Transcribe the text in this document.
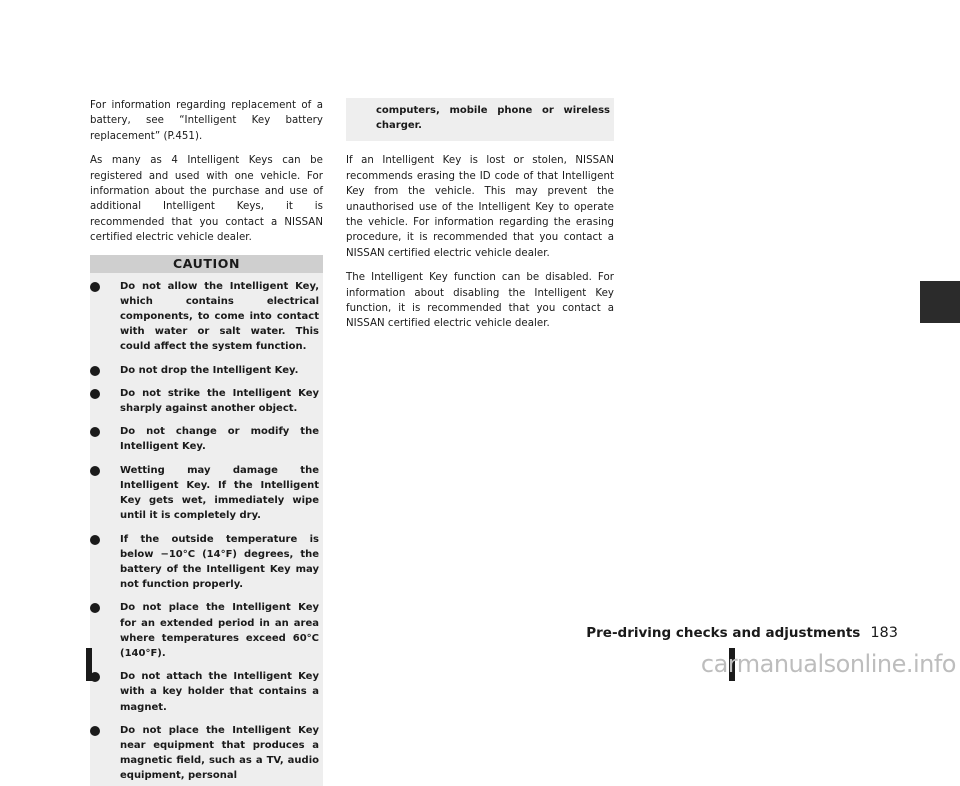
For information regarding replacement of a battery, see “Intelligent Key battery replacement” (P.451).

As many as 4 Intelligent Keys can be registered and used with one vehicle. For information about the purchase and use of additional Intelligent Keys, it is recommended that you contact a NISSAN certified electric vehicle dealer.

CAUTION
Do not allow the Intelligent Key, which contains electrical components, to come into contact with water or salt water. This could affect the system function.
Do not drop the Intelligent Key.
Do not strike the Intelligent Key sharply against another object.
Do not change or modify the Intelligent Key.
Wetting may damage the Intelligent Key. If the Intelligent Key gets wet, immediately wipe until it is completely dry.
If the outside temperature is below −10°C (14°F) degrees, the battery of the Intelligent Key may not function properly.
Do not place the Intelligent Key for an extended period in an area where temperatures exceed 60°C (140°F).
Do not attach the Intelligent Key with a key holder that contains a magnet.
Do not place the Intelligent Key near equipment that produces a magnetic field, such as a TV, audio equipment, personal
computers, mobile phone or wireless charger.

If an Intelligent Key is lost or stolen, NISSAN recommends erasing the ID code of that Intelligent Key from the vehicle. This may prevent the unauthorised use of the Intelligent Key to operate the vehicle. For information regarding the erasing procedure, it is recommended that you contact a NISSAN certified electric vehicle dealer.

The Intelligent Key function can be disabled. For information about disabling the Intelligent Key function, it is recommended that you contact a NISSAN certified electric vehicle dealer.

Pre-driving checks and adjustments 183
carmanualsonline.info
